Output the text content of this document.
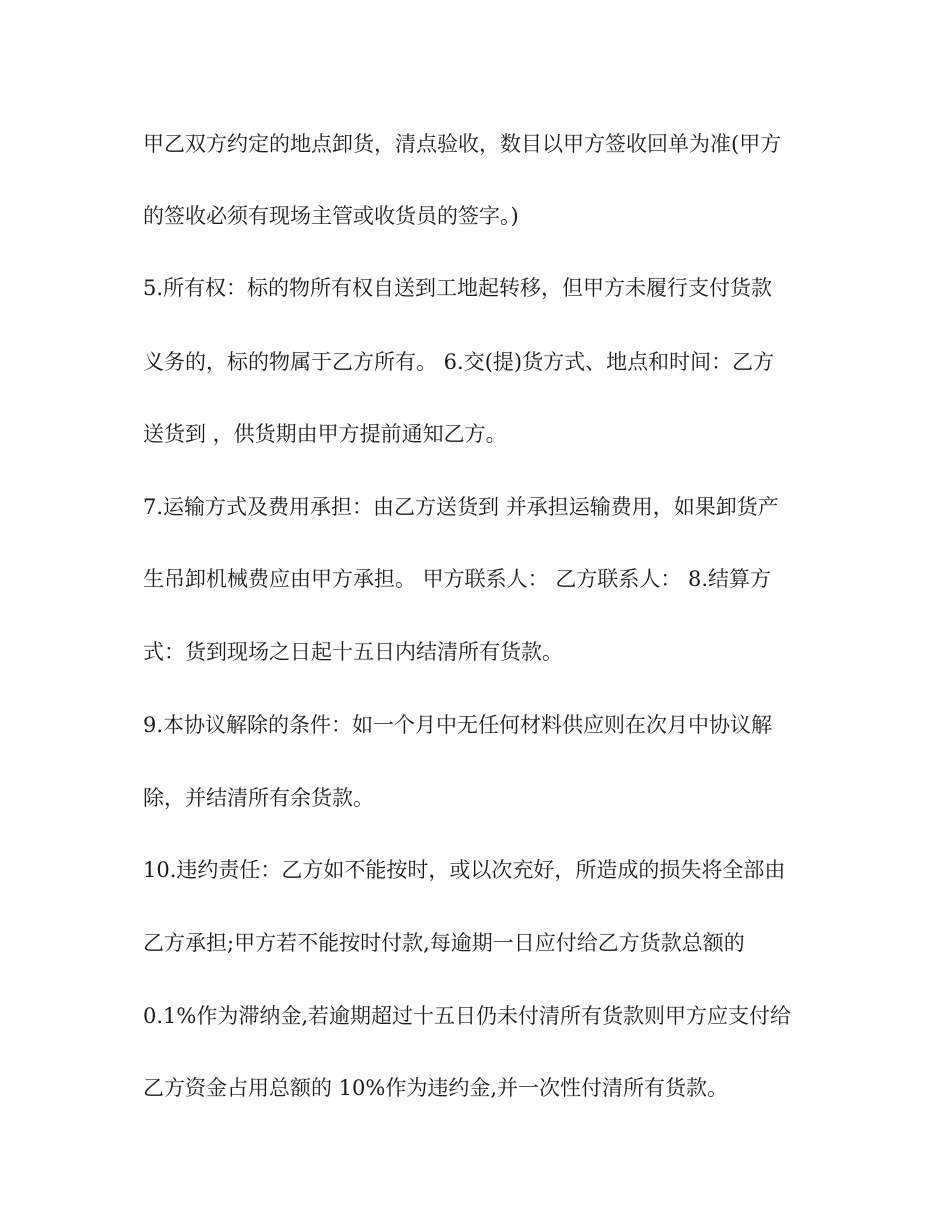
甲乙双方约定的地点卸货，清点验收，数目以甲方签收回单为准(甲方
的签收必须有现场主管或收货员的签字。)
5.所有权：标的物所有权自送到工地起转移，但甲方未履行支付货款
义务的，标的物属于乙方所有。 6.交(提)货方式、地点和时间：乙方
送货到 ，供货期由甲方提前通知乙方。
7.运输方式及费用承担：由乙方送货到 并承担运输费用，如果卸货产
生吊卸机械费应由甲方承担。 甲方联系人： 乙方联系人： 8.结算方
式：货到现场之日起十五日内结清所有货款。
9.本协议解除的条件：如一个月中无任何材料供应则在次月中协议解
除，并结清所有余货款。
10.违约责任：乙方如不能按时，或以次充好，所造成的损失将全部由
乙方承担;甲方若不能按时付款,每逾期一日应付给乙方货款总额的
0.1%作为滞纳金,若逾期超过十五日仍未付清所有货款则甲方应支付给
乙方资金占用总额的 10%作为违约金,并一次性付清所有货款。
